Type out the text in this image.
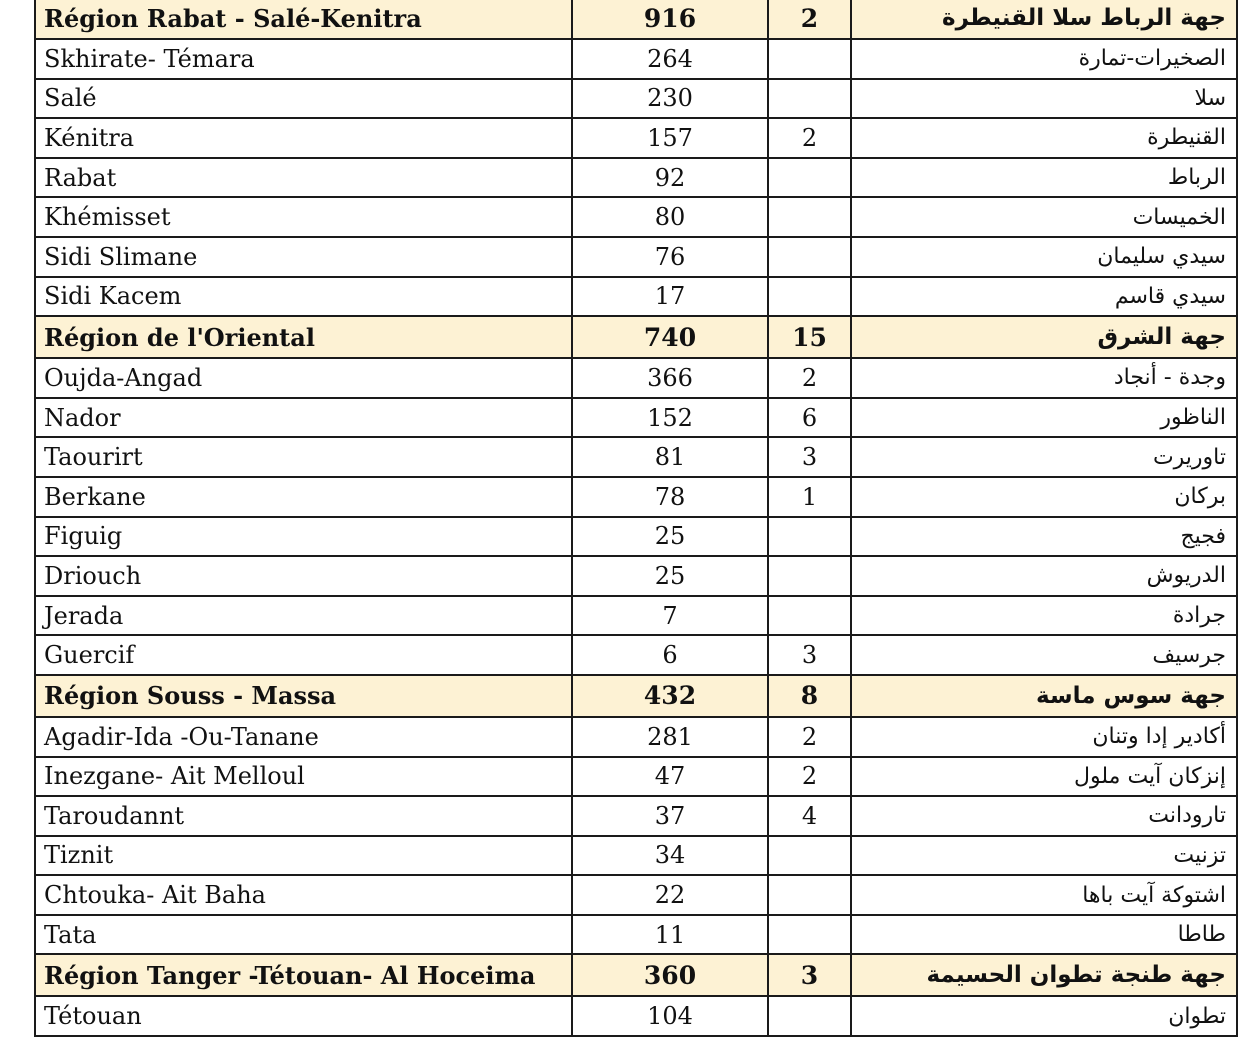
Région Rabat - Salé-Kenitra	916	2	جهة الرباط سلا القنيطرة
Skhirate- Témara	264		الصخيرات-تمارة
Salé	230		سلا
Kénitra	157	2	القنيطرة
Rabat	92		الرباط
Khémisset	80		الخميسات
Sidi Slimane	76		سيدي سليمان
Sidi Kacem	17		سيدي قاسم
Région de l'Oriental	740	15	جهة الشرق
Oujda-Angad	366	2	وجدة - أنجاد
Nador	152	6	الناظور
Taourirt	81	3	تاوريرت
Berkane	78	1	بركان
Figuig	25		فجيج
Driouch	25		الدريوش
Jerada	7		جرادة
Guercif	6	3	جرسيف
Région Souss - Massa	432	8	جهة سوس ماسة
Agadir-Ida -Ou-Tanane	281	2	أكادير إدا وتنان
Inezgane- Ait Melloul	47	2	إنزكان آيت ملول
Taroudannt	37	4	تارودانت
Tiznit	34		تزنيت
Chtouka- Ait Baha	22		اشتوكة آيت باها
Tata	11		طاطا
Région Tanger -Tétouan- Al Hoceima	360	3	جهة طنجة تطوان الحسيمة
Tétouan	104		تطوان
